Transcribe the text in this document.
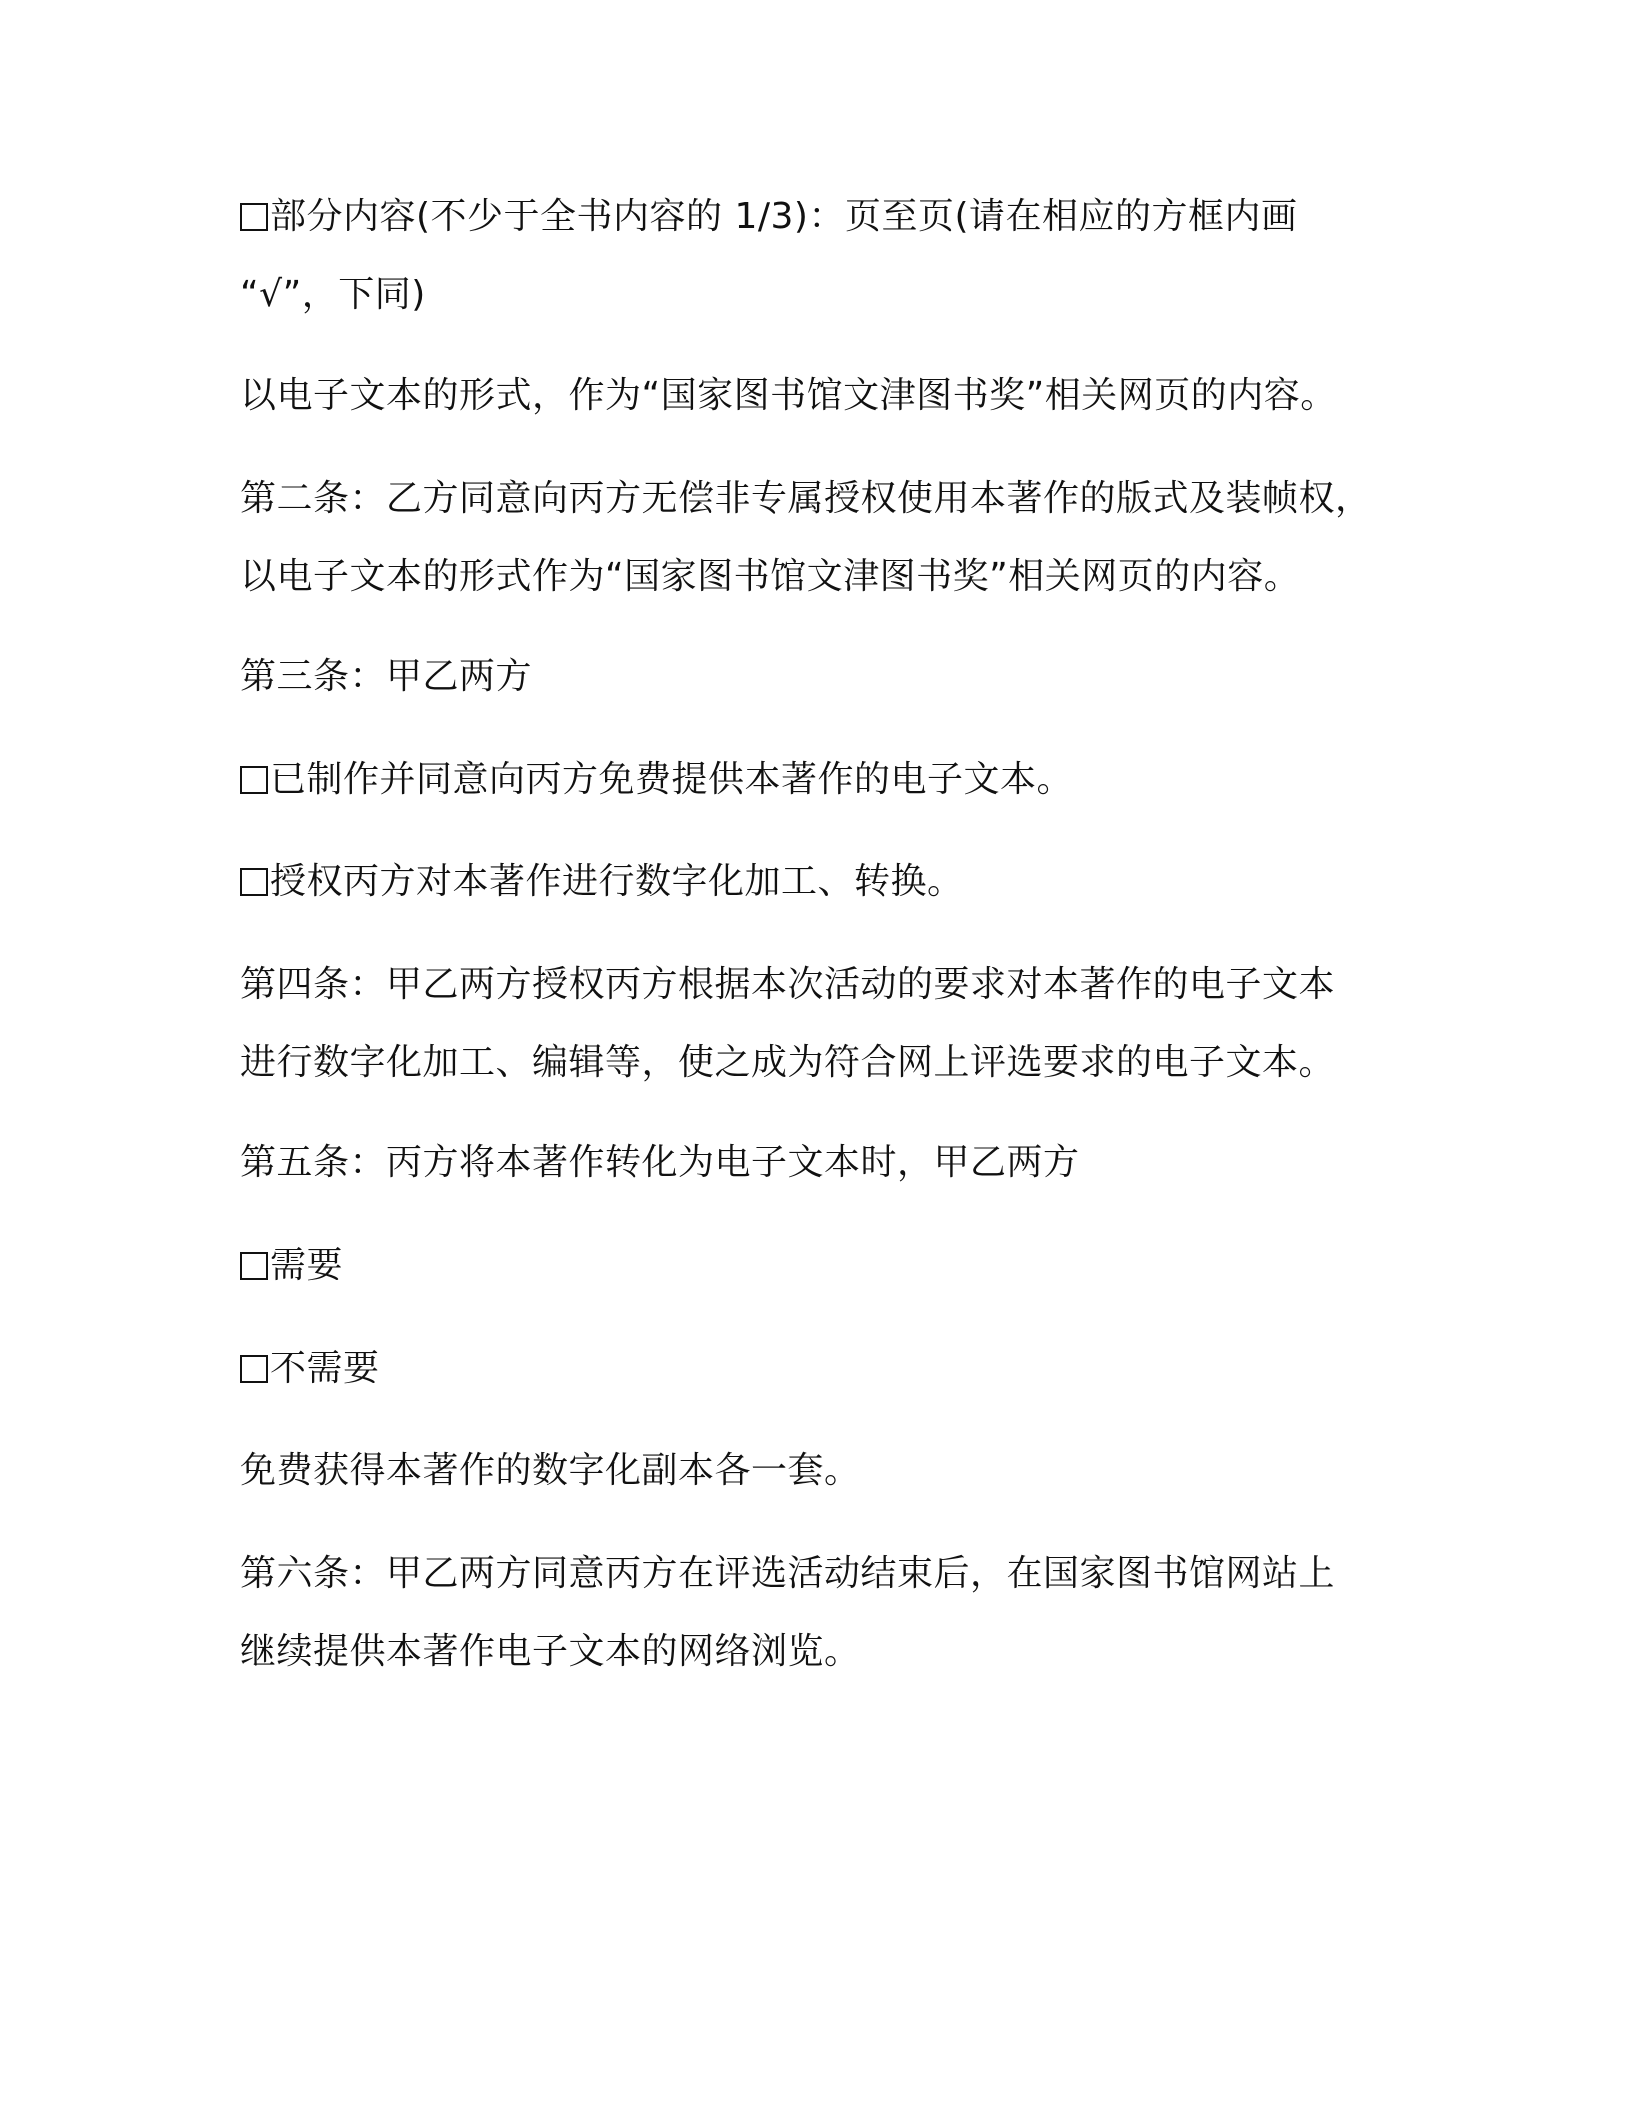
部分内容(不少于全书内容的 1/3)：页至页(请在相应的方框内画
“√”，下同)
以电子文本的形式，作为“国家图书馆文津图书奖”相关网页的内容。
第二条：乙方同意向丙方无偿非专属授权使用本著作的版式及装帧权，
以电子文本的形式作为“国家图书馆文津图书奖”相关网页的内容。
第三条：甲乙两方
已制作并同意向丙方免费提供本著作的电子文本。
授权丙方对本著作进行数字化加工、转换。
第四条：甲乙两方授权丙方根据本次活动的要求对本著作的电子文本
进行数字化加工、编辑等，使之成为符合网上评选要求的电子文本。
第五条：丙方将本著作转化为电子文本时，甲乙两方
需要
不需要
免费获得本著作的数字化副本各一套。
第六条：甲乙两方同意丙方在评选活动结束后，在国家图书馆网站上
继续提供本著作电子文本的网络浏览。
